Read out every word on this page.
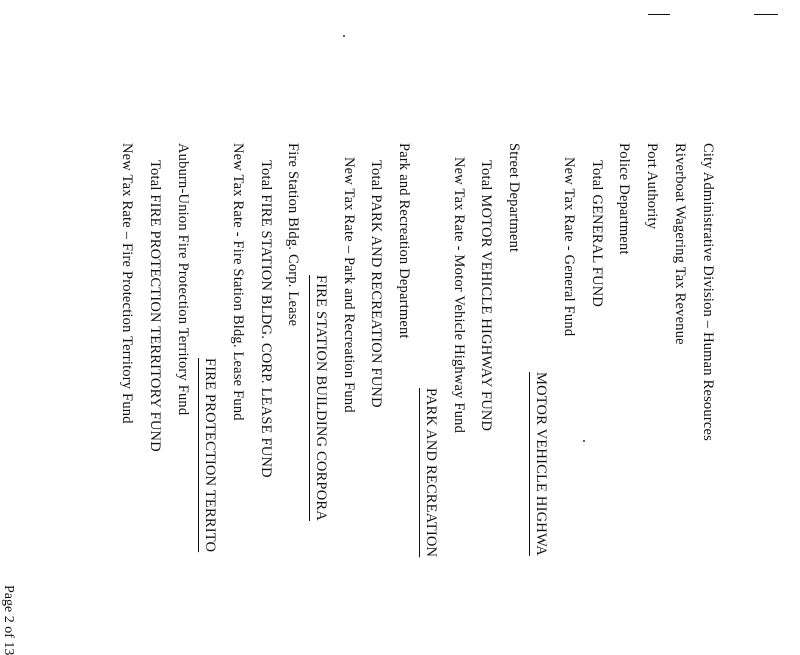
City Administrative Division – Human Resources
Riverboat Wagering Tax Revenue
Port Authority
Police Department
Total GENERAL FUND
New Tax Rate - General Fund
MOTOR VEHICLE HIGHWA
Street Department
Total MOTOR VEHICLE HIGHWAY FUND
New Tax Rate - Motor Vehicle Highway Fund
PARK AND RECREATION
Park and Recreation Department
Total PARK AND RECREATION FUND
New Tax Rate – Park and Recreation Fund
FIRE STATION BUILDING CORPORA
Fire Station Bldg. Corp. Lease
Total FIRE STATION BLDG. CORP. LEASE FUND
New Tax Rate - Fire Station Bldg. Lease Fund
FIRE PROTECTION TERRITO
Auburn-Union Fire Protection Territory Fund
Total FIRE PROTECTION TERRITORY FUND
New Tax Rate – Fire Protection Territory Fund
Page 2 of 13
